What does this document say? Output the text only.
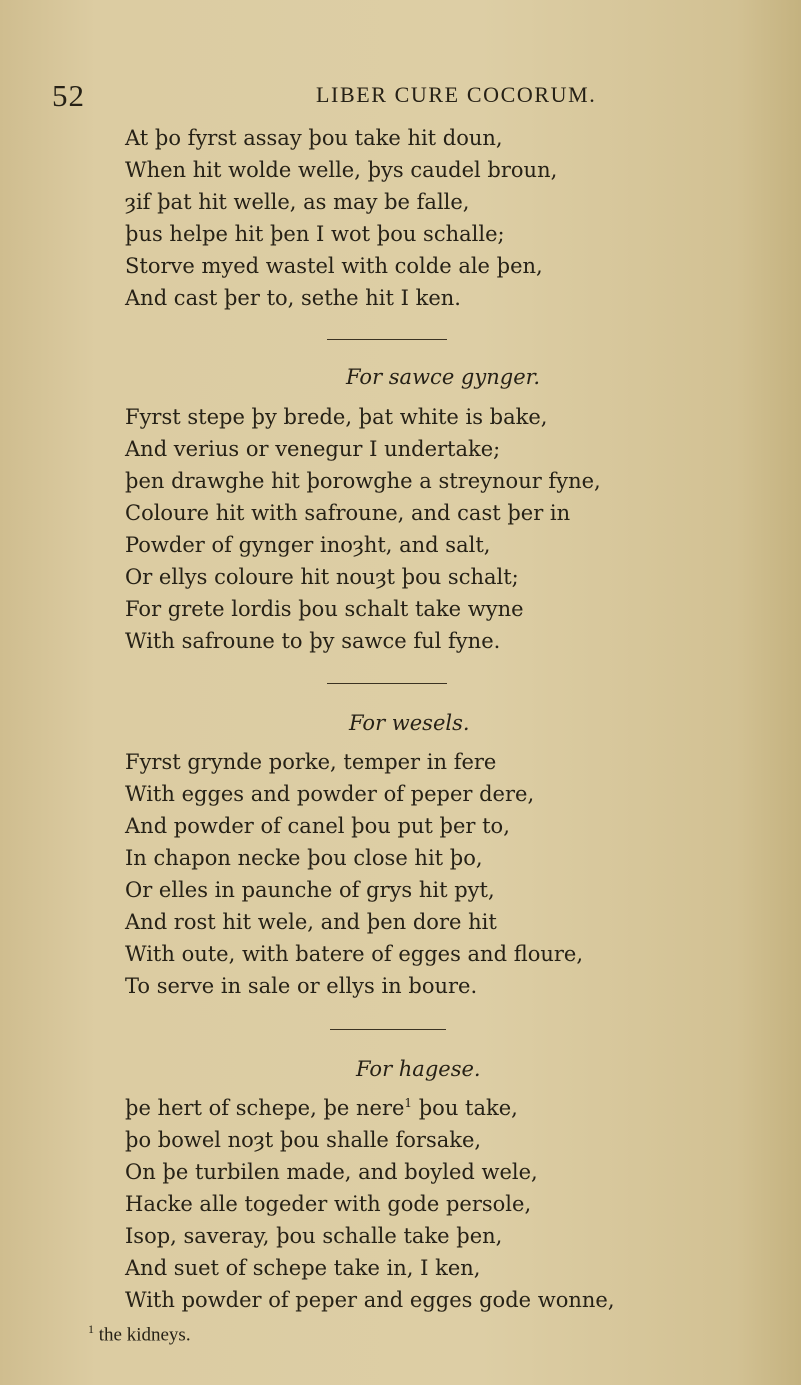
52	LIBER CURE COCORUM.
At þo fyrst assay þou take hit doun,
When hit wolde welle, þys caudel broun,
ȝif þat hit welle, as may be falle,
þus helpe hit þen I wot þou schalle;
Storve myed wastel with colde ale þen,
And cast þer to, sethe hit I ken.
For sawce gynger.
Fyrst stepe þy brede, þat white is bake,
And verius or venegur I undertake;
þen drawghe hit þorowghe a streynour fyne,
Coloure hit with safroune, and cast þer in
Powder of gynger inoȝht, and salt,
Or ellys coloure hit nouȝt þou schalt;
For grete lordis þou schalt take wyne
With safroune to þy sawce ful fyne.
For wesels.
Fyrst grynde porke, temper in fere
With egges and powder of peper dere,
And powder of canel þou put þer to,
In chapon necke þou close hit þo,
Or elles in paunche of grys hit pyt,
And rost hit wele, and þen dore hit
With oute, with batere of egges and floure,
To serve in sale or ellys in boure.
For hagese.
þe hert of schepe, þe nere$^1$ þou take,
þo bowel noȝt þou shalle forsake,
On þe turbilen made, and boyled wele,
Hacke alle togeder with gode persole,
Isop, saveray, þou schalle take þen,
And suet of schepe take in, I ken,
With powder of peper and egges gode wonne,
$^1$ the kidneys.
